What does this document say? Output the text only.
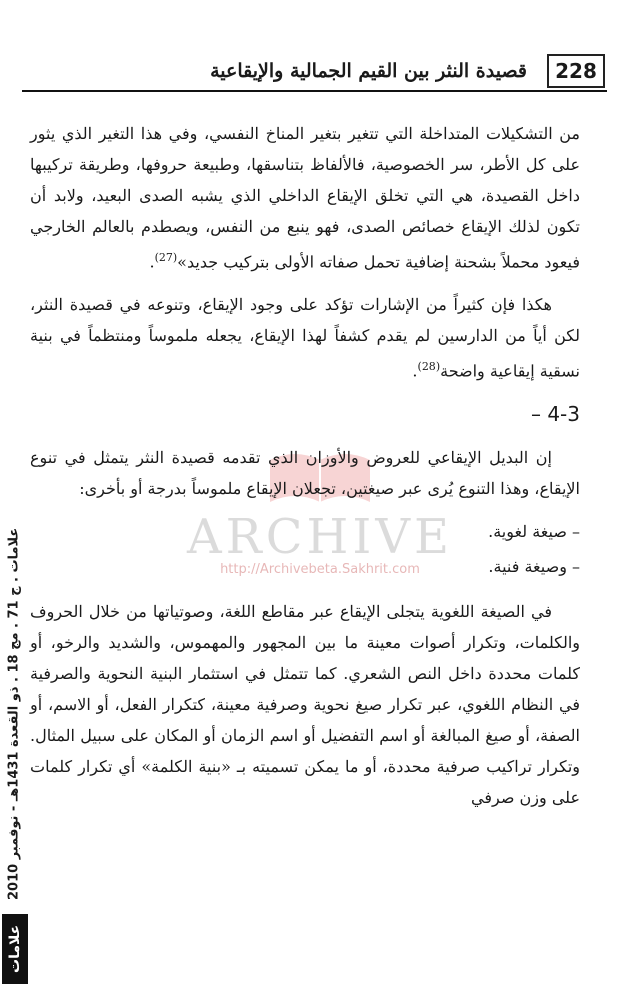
228
قصيدة النثر بين القيم الجمالية والإيقاعية
ARCHIVE
http://Archivebeta.Sakhrit.com

من التشكيلات المتداخلة التي تتغير بتغير المناخ النفسي، وفي هذا التغير الذي يثور على كل الأطر، سر الخصوصية، فالألفاظ بتناسقها، وطبيعة حروفها، وطريقة تركيبها داخل القصيدة، هي التي تخلق الإيقاع الداخلي الذي يشبه الصدى البعيد، ولابد أن تكون لذلك الإيقاع خصائص الصدى، فهو ينبع من النفس، ويصطدم بالعالم الخارجي فيعود محملاً بشحنة إضافية تحمل صفاته الأولى بتركيب جديد»$^{(27)}$.

هكذا فإن كثيراً من الإشارات تؤكد على وجود الإيقاع، وتنوعه في قصيدة النثر، لكن أياً من الدارسين لم يقدم كشفاً لهذا الإيقاع، يجعله ملموساً ومنتظماً في بنية نسقية إيقاعية واضحة$^{(28)}$.

4-3 –

إن البديل الإيقاعي للعروض والأوزان الذي تقدمه قصيدة النثر يتمثل في تنوع الإيقاع، وهذا التنوع يُرى عبر صيغتين، تجعلان الإيقاع ملموساً بدرجة أو بأخرى:

– صيغة لغوية.

– وصيغة فنية.

في الصيغة اللغوية يتجلى الإيقاع عبر مقاطع اللغة، وصوتياتها من خلال الحروف والكلمات، وتكرار أصوات معينة ما بين المجهور والمهموس، والشديد والرخو، أو كلمات محددة داخل النص الشعري. كما تتمثل في استثمار البنية النحوية والصرفية في النظام اللغوي، عبر تكرار صيغ نحوية وصرفية معينة، كتكرار الفعل، أو الاسم، أو الصفة، أو صيغ المبالغة أو اسم التفضيل أو اسم الزمان أو المكان على سبيل المثال. وتكرار تراكيب صرفية محددة، أو ما يمكن تسميته بـ «بنية الكلمة» أي تكرار كلمات على وزن صرفي

علامات . ج 71 . مج 18 . ذو القعدة 1431هـ - نوفمبر 2010
علامات
